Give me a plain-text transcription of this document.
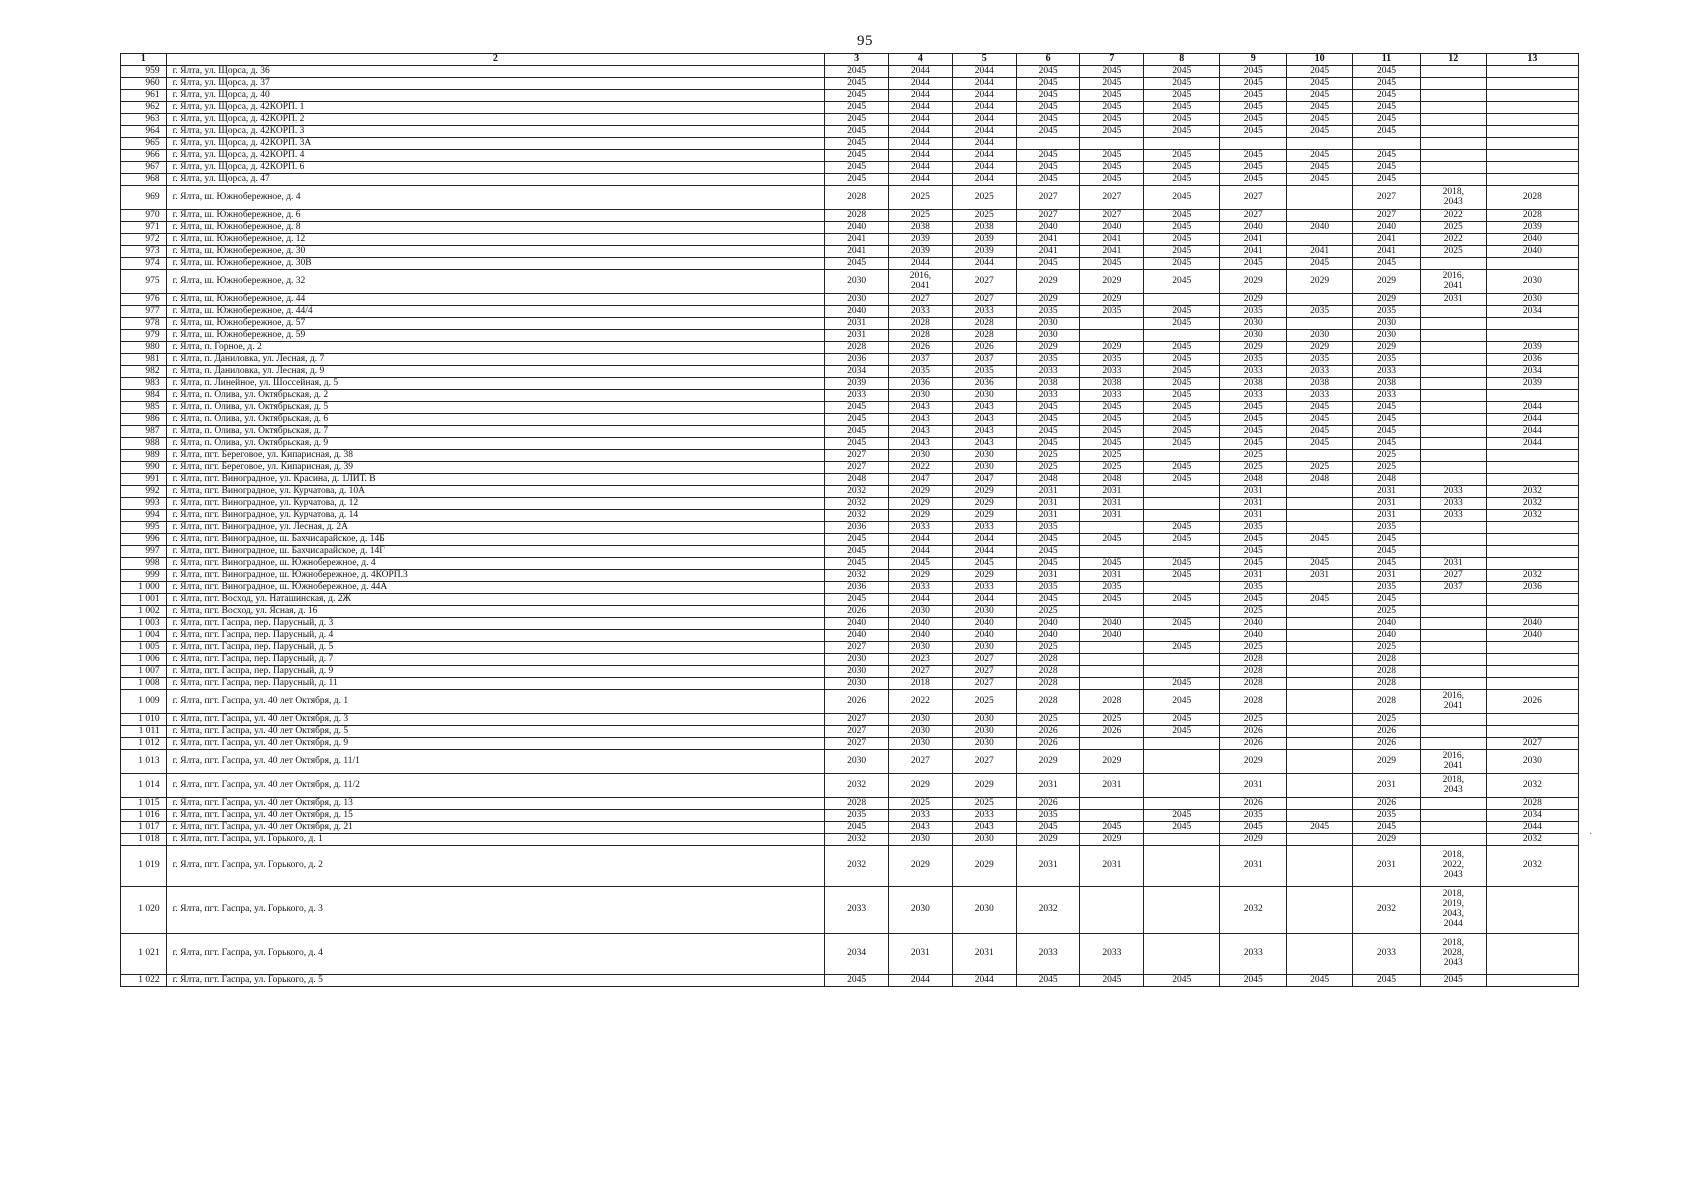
95
1	2	3	4	5	6	7	8	9	10	11	12	13
959	г. Ялта, ул. Щорса, д. 36	2045	2044	2044	2045	2045	2045	2045	2045	2045		
960	г. Ялта, ул. Щорса, д. 37	2045	2044	2044	2045	2045	2045	2045	2045	2045		
961	г. Ялта, ул. Щорса, д. 40	2045	2044	2044	2045	2045	2045	2045	2045	2045		
962	г. Ялта, ул. Щорса, д. 42КОРП. 1	2045	2044	2044	2045	2045	2045	2045	2045	2045		
963	г. Ялта, ул. Щорса, д. 42КОРП. 2	2045	2044	2044	2045	2045	2045	2045	2045	2045		
964	г. Ялта, ул. Щорса, д. 42КОРП. 3	2045	2044	2044	2045	2045	2045	2045	2045	2045		
965	г. Ялта, ул. Щорса, д. 42КОРП. 3А	2045	2044	2044								
966	г. Ялта, ул. Щорса, д. 42КОРП. 4	2045	2044	2044	2045	2045	2045	2045	2045	2045		
967	г. Ялта, ул. Щорса, д. 42КОРП. 6	2045	2044	2044	2045	2045	2045	2045	2045	2045		
968	г. Ялта, ул. Щорса, д. 47	2045	2044	2044	2045	2045	2045	2045	2045	2045		
969	г. Ялта, ш. Южнобережное, д. 4	2028	2025	2025	2027	2027	2045	2027		2027	2018,
2043	2028
970	г. Ялта, ш. Южнобережное, д. 6	2028	2025	2025	2027	2027	2045	2027		2027	2022	2028
971	г. Ялта, ш. Южнобережное, д. 8	2040	2038	2038	2040	2040	2045	2040	2040	2040	2025	2039
972	г. Ялта, ш. Южнобережное, д. 12	2041	2039	2039	2041	2041	2045	2041		2041	2022	2040
973	г. Ялта, ш. Южнобережное, д. 30	2041	2039	2039	2041	2041	2045	2041	2041	2041	2025	2040
974	г. Ялта, ш. Южнобережное, д. 30В	2045	2044	2044	2045	2045	2045	2045	2045	2045		
975	г. Ялта, ш. Южнобережное, д. 32	2030	2016,
2041	2027	2029	2029	2045	2029	2029	2029	2016,
2041	2030
976	г. Ялта, ш. Южнобережное, д. 44	2030	2027	2027	2029	2029		2029		2029	2031	2030
977	г. Ялта, ш. Южнобережное, д. 44/4	2040	2033	2033	2035	2035	2045	2035	2035	2035		2034
978	г. Ялта, ш. Южнобережное, д. 57	2031	2028	2028	2030		2045	2030		2030		
979	г. Ялта, ш. Южнобережное, д. 59	2031	2028	2028	2030			2030	2030	2030		
980	г. Ялта, п. Горное, д. 2	2028	2026	2026	2029	2029	2045	2029	2029	2029		2039
981	г. Ялта, п. Даниловка, ул. Лесная, д. 7	2036	2037	2037	2035	2035	2045	2035	2035	2035		2036
982	г. Ялта, п. Даниловка, ул. Лесная, д. 9	2034	2035	2035	2033	2033	2045	2033	2033	2033		2034
983	г. Ялта, п. Линейное, ул. Шоссейная, д. 5	2039	2036	2036	2038	2038	2045	2038	2038	2038		2039
984	г. Ялта, п. Олива, ул. Октябрьская, д. 2	2033	2030	2030	2033	2033	2045	2033	2033	2033		
985	г. Ялта, п. Олива, ул. Октябрьская, д. 5	2045	2043	2043	2045	2045	2045	2045	2045	2045		2044
986	г. Ялта, п. Олива, ул. Октябрьская, д. 6	2045	2043	2043	2045	2045	2045	2045	2045	2045		2044
987	г. Ялта, п. Олива, ул. Октябрьская, д. 7	2045	2043	2043	2045	2045	2045	2045	2045	2045		2044
988	г. Ялта, п. Олива, ул. Октябрьская, д. 9	2045	2043	2043	2045	2045	2045	2045	2045	2045		2044
989	г. Ялта, пгт. Береговое, ул. Кипарисная, д. 38	2027	2030	2030	2025	2025		2025		2025		
990	г. Ялта, пгт. Береговое, ул. Кипарисная, д. 39	2027	2022	2030	2025	2025	2045	2025	2025	2025		
991	г. Ялта, пгт. Виноградное, ул. Красина, д. 1ЛИТ. В	2048	2047	2047	2048	2048	2045	2048	2048	2048		
992	г. Ялта, пгт. Виноградное, ул. Курчатова, д. 10А	2032	2029	2029	2031	2031		2031		2031	2033	2032
993	г. Ялта, пгт. Виноградное, ул. Курчатова, д. 12	2032	2029	2029	2031	2031		2031		2031	2033	2032
994	г. Ялта, пгт. Виноградное, ул. Курчатова, д. 14	2032	2029	2029	2031	2031		2031		2031	2033	2032
995	г. Ялта, пгт. Виноградное, ул. Лесная, д. 2А	2036	2033	2033	2035		2045	2035		2035		
996	г. Ялта, пгт. Виноградное, ш. Бахчисарайское, д. 14Б	2045	2044	2044	2045	2045	2045	2045	2045	2045		
997	г. Ялта, пгт. Виноградное, ш. Бахчисарайское, д. 14Г	2045	2044	2044	2045			2045		2045		
998	г. Ялта, пгт. Виноградное, ш. Южнобережное, д. 4	2045	2045	2045	2045	2045	2045	2045	2045	2045	2031	
999	г. Ялта, пгт. Виноградное, ш. Южнобережное, д. 4КОРП.3	2032	2029	2029	2031	2031	2045	2031	2031	2031	2027	2032
1 000	г. Ялта, пгт. Виноградное, ш. Южнобережное, д. 44А	2036	2033	2033	2035	2035		2035		2035	2037	2036
1 001	г. Ялта, пгт. Восход, ул. Наташинская, д. 2Ж	2045	2044	2044	2045	2045	2045	2045	2045	2045		
1 002	г. Ялта, пгт. Восход, ул. Ясная, д. 16	2026	2030	2030	2025			2025		2025		
1 003	г. Ялта, пгт. Гаспра, пер. Парусный, д. 3	2040	2040	2040	2040	2040	2045	2040		2040		2040
1 004	г. Ялта, пгт. Гаспра, пер. Парусный, д. 4	2040	2040	2040	2040	2040		2040		2040		2040
1 005	г. Ялта, пгт. Гаспра, пер. Парусный, д. 5	2027	2030	2030	2025		2045	2025		2025		
1 006	г. Ялта, пгт. Гаспра, пер. Парусный, д. 7	2030	2023	2027	2028			2028		2028		
1 007	г. Ялта, пгт. Гаспра, пер. Парусный, д. 9	2030	2027	2027	2028			2028		2028		
1 008	г. Ялта, пгт. Гаспра, пер. Парусный, д. 11	2030	2018	2027	2028		2045	2028		2028		
1 009	г. Ялта, пгт. Гаспра, ул. 40 лет Октября, д. 1	2026	2022	2025	2028	2028	2045	2028		2028	2016,
2041	2026
1 010	г. Ялта, пгт. Гаспра, ул. 40 лет Октября, д. 3	2027	2030	2030	2025	2025	2045	2025		2025		
1 011	г. Ялта, пгт. Гаспра, ул. 40 лет Октября, д. 5	2027	2030	2030	2026	2026	2045	2026		2026		
1 012	г. Ялта, пгт. Гаспра, ул. 40 лет Октября, д. 9	2027	2030	2030	2026			2026		2026		2027
1 013	г. Ялта, пгт. Гаспра, ул. 40 лет Октября, д. 11/1	2030	2027	2027	2029	2029		2029		2029	2016,
2041	2030
1 014	г. Ялта, пгт. Гаспра, ул. 40 лет Октября, д. 11/2	2032	2029	2029	2031	2031		2031		2031	2018,
2043	2032
1 015	г. Ялта, пгт. Гаспра, ул. 40 лет Октября, д. 13	2028	2025	2025	2026			2026		2026		2028
1 016	г. Ялта, пгт. Гаспра, ул. 40 лет Октября, д. 15	2035	2033	2033	2035		2045	2035		2035		2034
1 017	г. Ялта, пгт. Гаспра, ул. 40 лет Октября, д. 21	2045	2043	2043	2045	2045	2045	2045	2045	2045		2044
1 018	г. Ялта, пгт. Гаспра, ул. Горького, д. 1	2032	2030	2030	2029	2029		2029		2029		2032
1 019	г. Ялта, пгт. Гаспра, ул. Горького, д. 2	2032	2029	2029	2031	2031		2031		2031	2018,
2022,
2043	2032
1 020	г. Ялта, пгт. Гаспра, ул. Горького, д. 3	2033	2030	2030	2032			2032		2032	2018,
2019,
2043,
2044	
1 021	г. Ялта, пгт. Гаспра, ул. Горького, д. 4	2034	2031	2031	2033	2033		2033		2033	2018,
2028,
2043	
1 022	г. Ялта, пгт. Гаспра, ул. Горького, д. 5	2045	2044	2044	2045	2045	2045	2045	2045	2045	2045	
·
